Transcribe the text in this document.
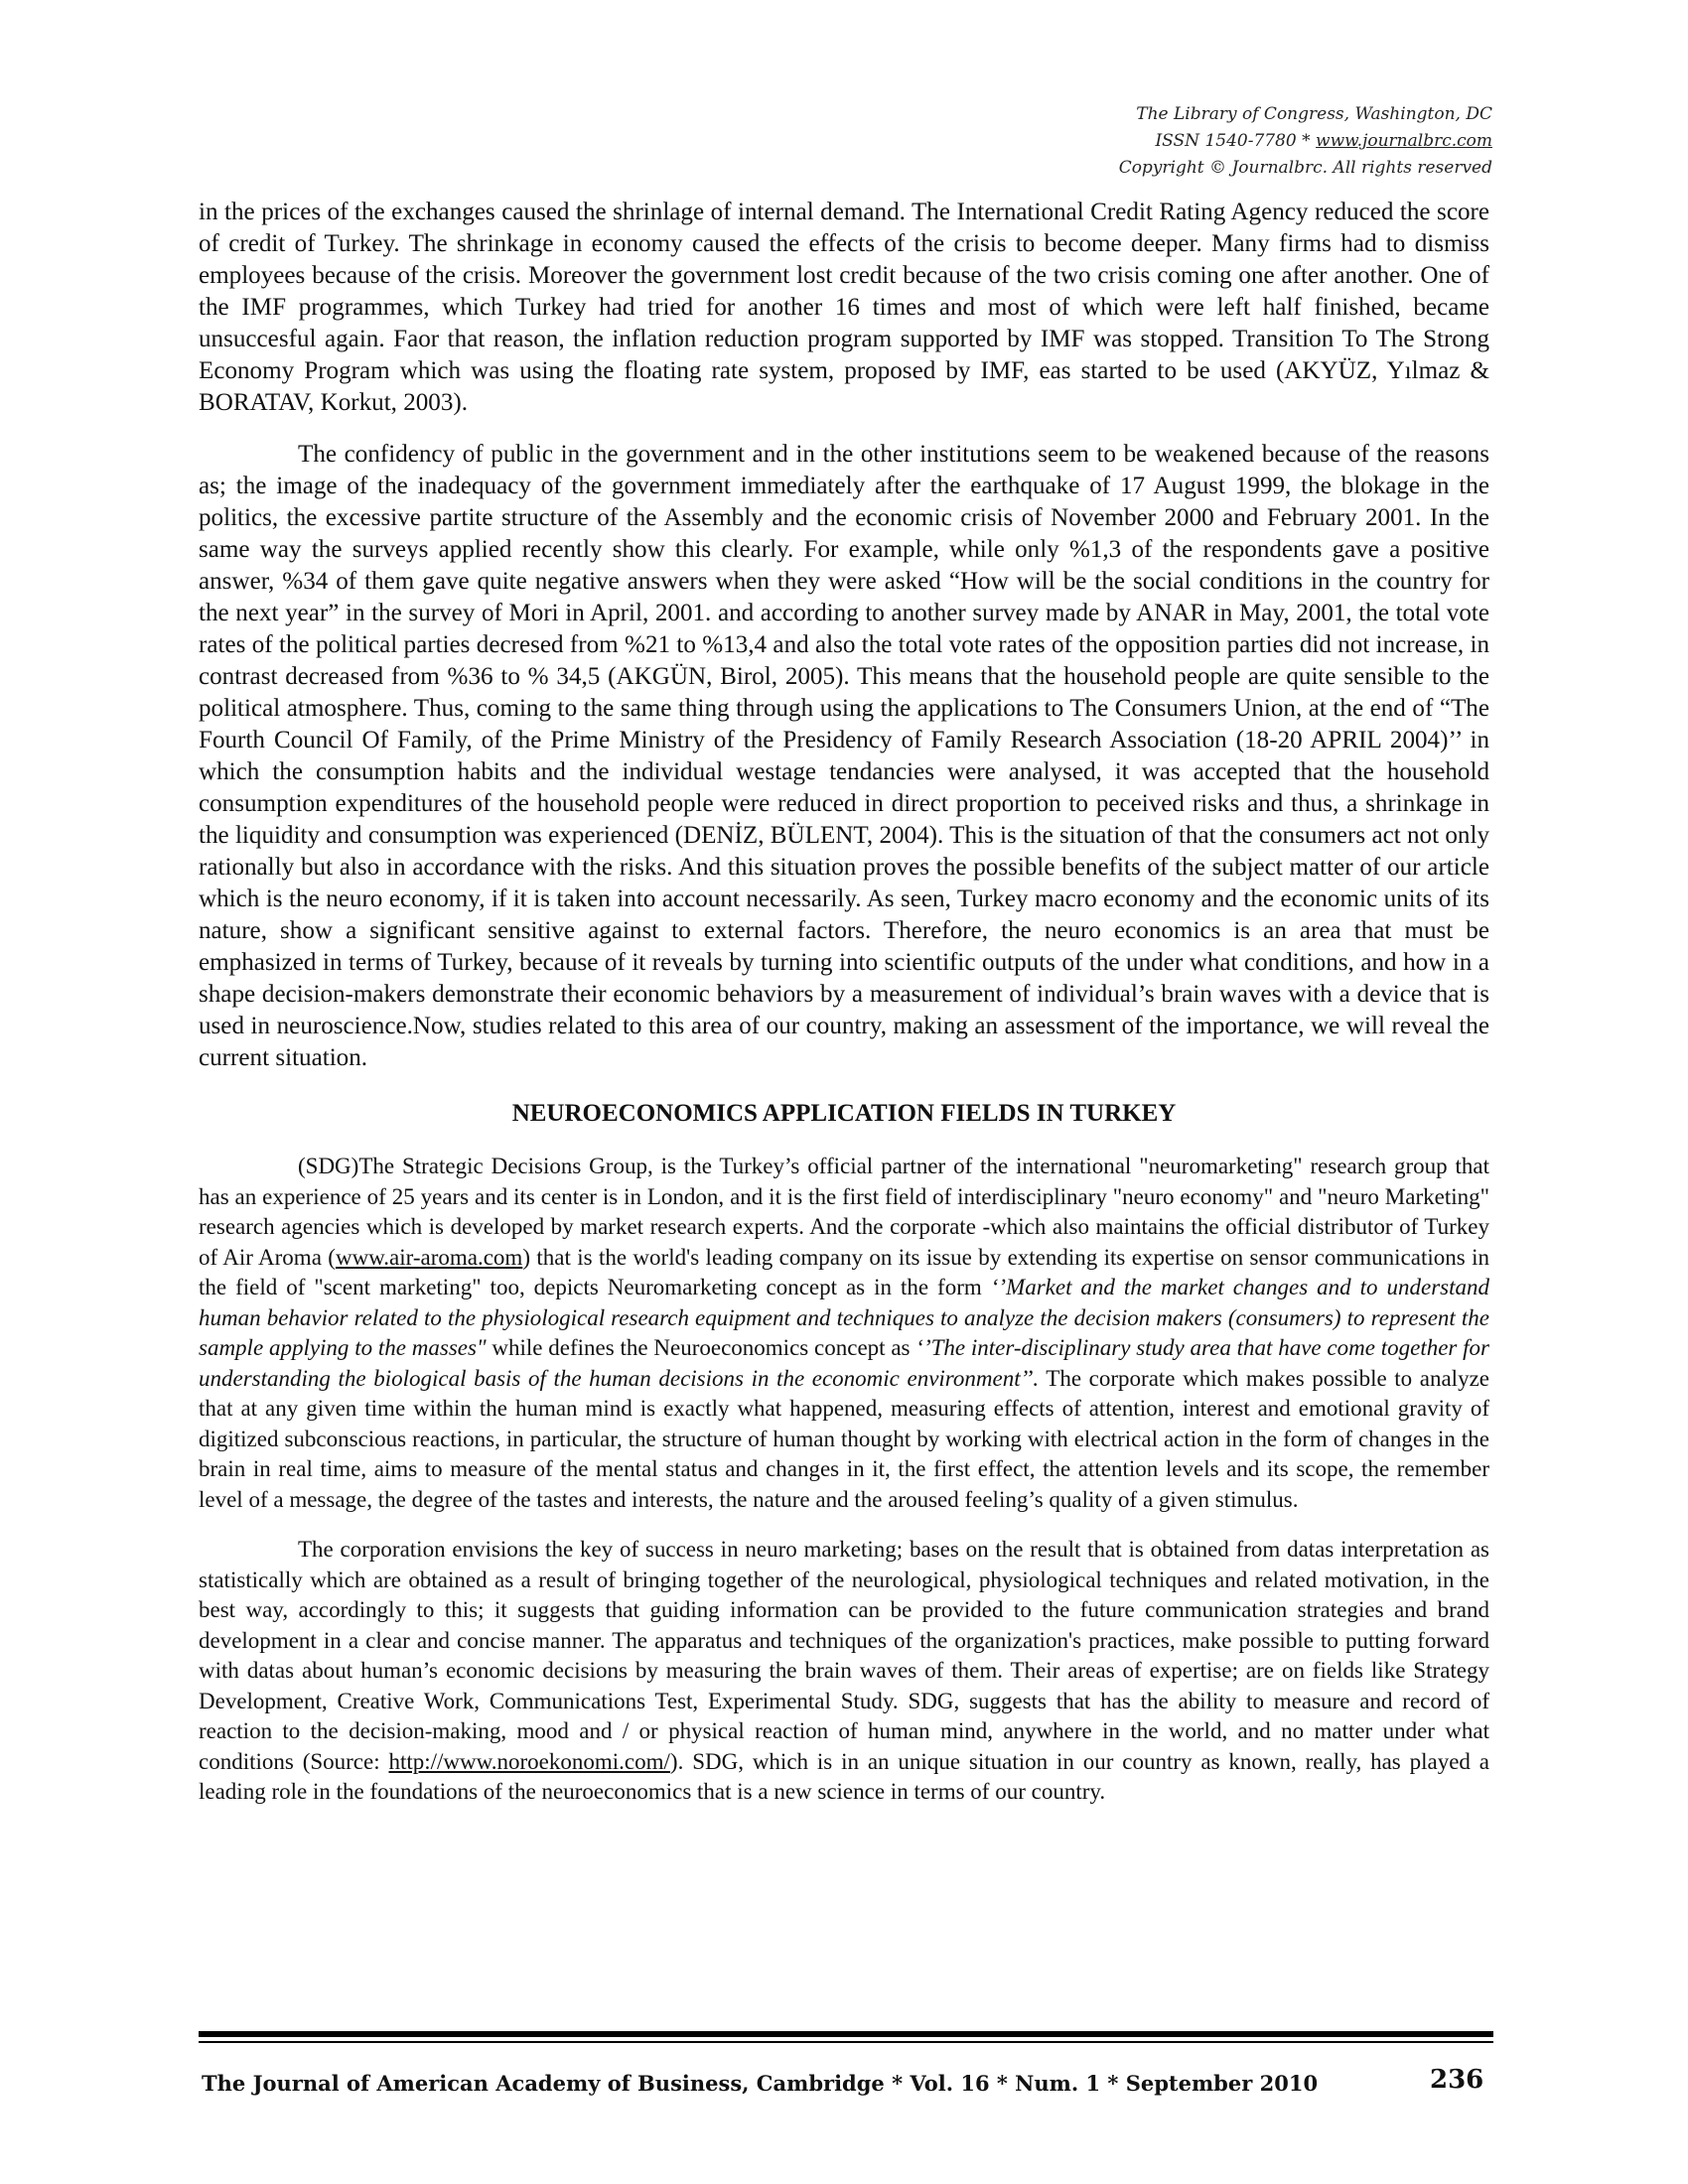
The Library of Congress, Washington, DC
ISSN 1540-7780 * www.journalbrc.com
Copyright © Journalbrc. All rights reserved

in the prices of the exchanges caused the shrinlage of internal demand. The International Credit Rating Agency reduced the score of credit of Turkey. The shrinkage in economy caused the effects of the crisis to become deeper. Many firms had to dismiss employees because of the crisis. Moreover the government lost credit because of the two crisis coming one after another. One of the IMF programmes, which Turkey had tried for another 16 times and most of which were left half finished, became unsuccesful again. Faor that reason, the inflation reduction program supported by IMF was stopped. Transition To The Strong Economy Program which was using the floating rate system, proposed by IMF, eas started to be used (AKYÜZ, Yılmaz & BORATAV, Korkut, 2003).

The confidency of public in the government and in the other institutions seem to be weakened because of the reasons as; the image of the inadequacy of the government immediately after the earthquake of 17 August 1999, the blokage in the politics, the excessive partite structure of the Assembly and the economic crisis of November 2000 and February 2001. In the same way the surveys applied recently show this clearly. For example, while only %1,3 of the respondents gave a positive answer, %34 of them gave quite negative answers when they were asked “How will be the social conditions in the country for the next year” in the survey of Mori in April, 2001. and according to another survey made by ANAR in May, 2001, the total vote rates of the political parties decresed from %21 to %13,4 and also the total vote rates of the opposition parties did not increase, in contrast decreased from %36 to % 34,5 (AKGÜN, Birol, 2005). This means that the household people are quite sensible to the political atmosphere. Thus, coming to the same thing through using the applications to The Consumers Union, at the end of “The Fourth Council Of Family, of the Prime Ministry of the Presidency of Family Research Association (18-20 APRIL 2004)’’ in which the consumption habits and the individual westage tendancies were analysed, it was accepted that the household consumption expenditures of the household people were reduced in direct proportion to peceived risks and thus, a shrinkage in the liquidity and consumption was experienced (DENİZ, BÜLENT, 2004). This is the situation of that the consumers act not only rationally but also in accordance with the risks. And this situation proves the possible benefits of the subject matter of our article which is the neuro economy, if it is taken into account necessarily. As seen, Turkey macro economy and the economic units of its nature, show a significant sensitive against to external factors. Therefore, the neuro economics is an area that must be emphasized in terms of Turkey, because of it reveals by turning into scientific outputs of the under what conditions, and how in a shape decision-makers demonstrate their economic behaviors by a measurement of individual’s brain waves with a device that is used in neuroscience.Now, studies related to this area of our country, making an assessment of the importance, we will reveal the current situation.

NEUROECONOMICS APPLICATION FIELDS IN TURKEY

(SDG)The Strategic Decisions Group, is the Turkey’s official partner of the international "neuromarketing" research group that has an experience of 25 years and its center is in London, and it is the first field of interdisciplinary "neuro economy" and "neuro Marketing" research agencies which is developed by market research experts. And the corporate -which also maintains the official distributor of Turkey of Air Aroma (www.air-aroma.com) that is the world's leading company on its issue by extending its expertise on sensor communications in the field of "scent marketing" too, depicts Neuromarketing concept as in the form ‘’Market and the market changes and to understand human behavior related to the physiological research equipment and techniques to analyze the decision makers (consumers) to represent the sample applying to the masses" while defines the Neuroeconomics concept as ‘’The inter-disciplinary study area that have come together for understanding the biological basis of the human decisions in the economic environment’’. The corporate which makes possible to analyze that at any given time within the human mind is exactly what happened, measuring effects of attention, interest and emotional gravity of digitized subconscious reactions, in particular, the structure of human thought by working with electrical action in the form of changes in the brain in real time, aims to measure of the mental status and changes in it, the first effect, the attention levels and its scope, the remember level of a message, the degree of the tastes and interests, the nature and the aroused feeling’s quality of a given stimulus.

The corporation envisions the key of success in neuro marketing; bases on the result that is obtained from datas interpretation as statistically which are obtained as a result of bringing together of the neurological, physiological techniques and related motivation, in the best way, accordingly to this; it suggests that guiding information can be provided to the future communication strategies and brand development in a clear and concise manner. The apparatus and techniques of the organization's practices, make possible to putting forward with datas about human’s economic decisions by measuring the brain waves of them. Their areas of expertise; are on fields like Strategy Development, Creative Work, Communications Test, Experimental Study. SDG, suggests that has the ability to measure and record of reaction to the decision-making, mood and / or physical reaction of human mind, anywhere in the world, and no matter under what conditions (Source: http://www.noroekonomi.com/). SDG, which is in an unique situation in our country as known, really, has played a leading role in the foundations of the neuroeconomics that is a new science in terms of our country.

The Journal of American Academy of Business, Cambridge * Vol. 16 * Num. 1 * September 2010	236
